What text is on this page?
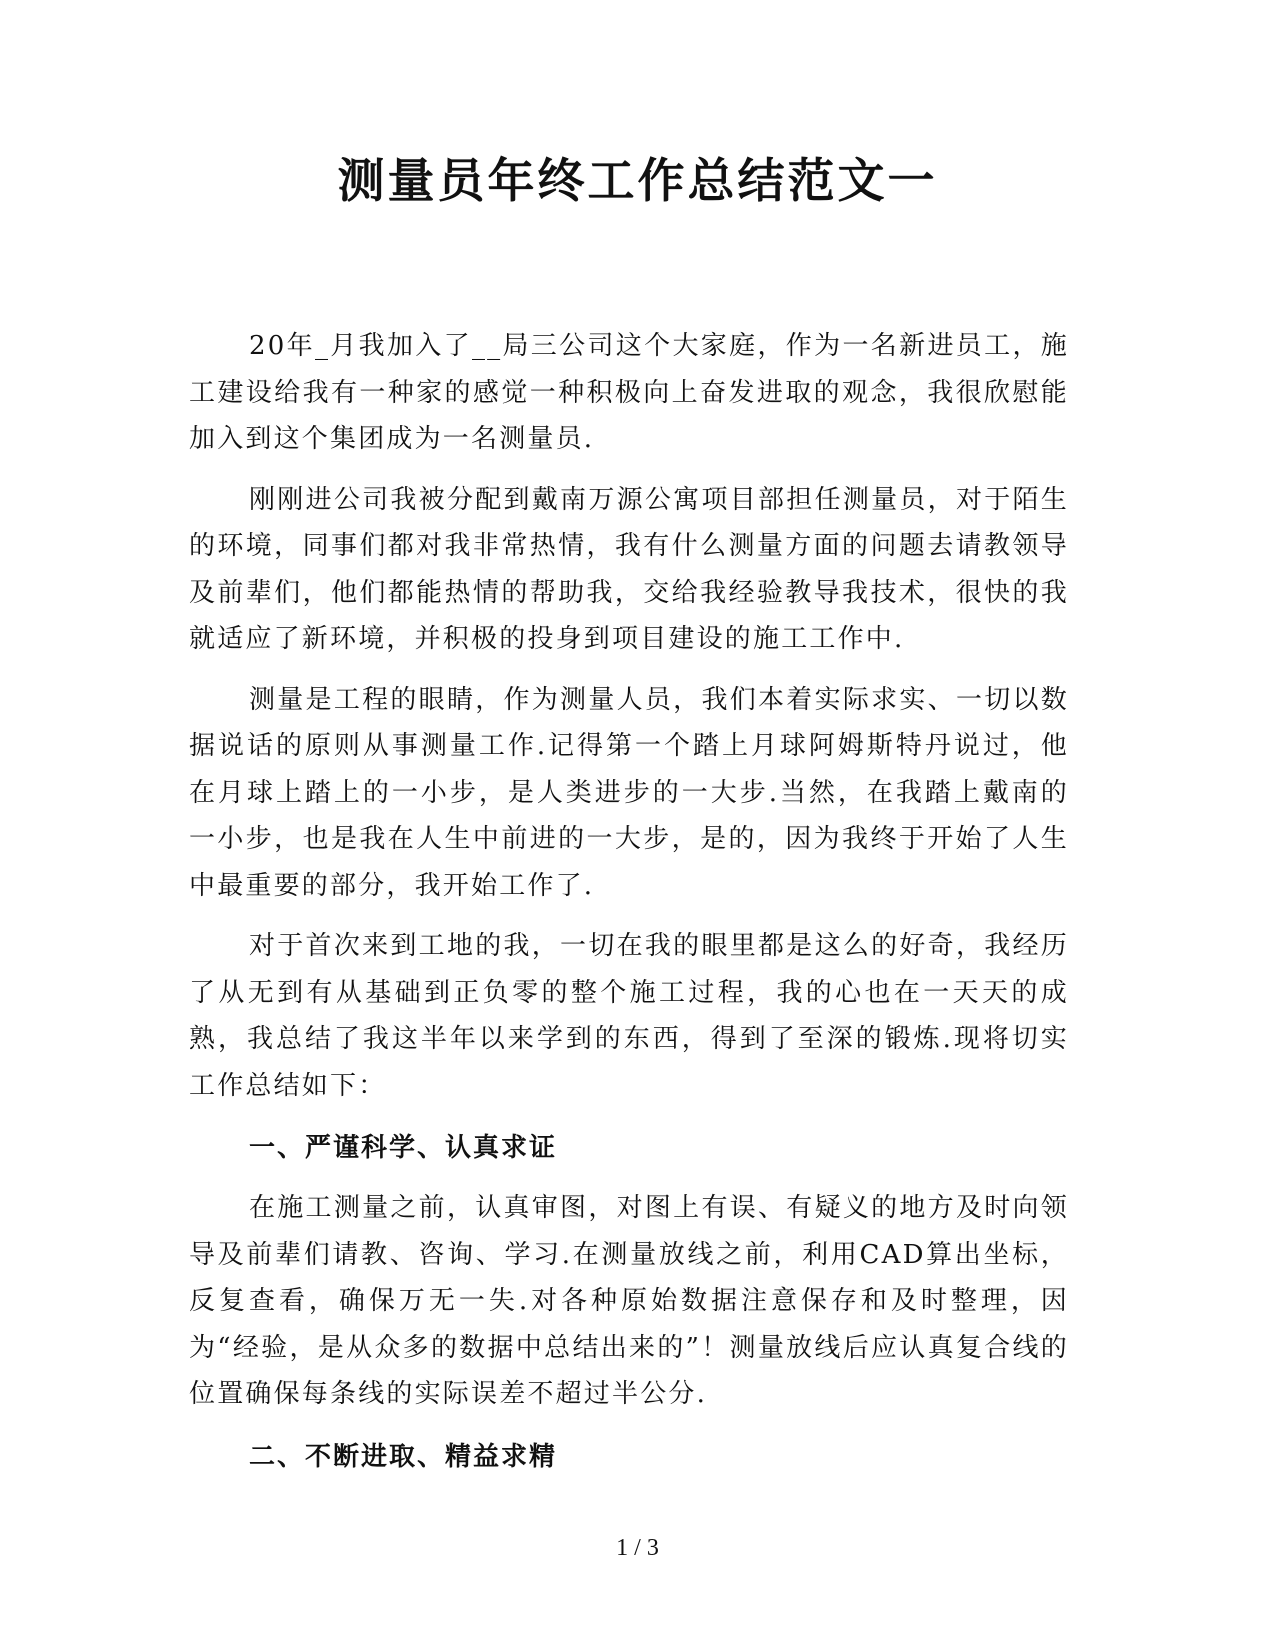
测量员年终工作总结范文一

20年_月我加入了__局三公司这个大家庭，作为一名新进员工，施工建设给我有一种家的感觉一种积极向上奋发进取的观念，我很欣慰能加入到这个集团成为一名测量员.

刚刚进公司我被分配到戴南万源公寓项目部担任测量员，对于陌生的环境，同事们都对我非常热情，我有什么测量方面的问题去请教领导及前辈们，他们都能热情的帮助我，交给我经验教导我技术，很快的我就适应了新环境，并积极的投身到项目建设的施工工作中.

测量是工程的眼睛，作为测量人员，我们本着实际求实、一切以数据说话的原则从事测量工作.记得第一个踏上月球阿姆斯特丹说过，他在月球上踏上的一小步，是人类进步的一大步.当然，在我踏上戴南的一小步，也是我在人生中前进的一大步，是的，因为我终于开始了人生中最重要的部分，我开始工作了.

对于首次来到工地的我，一切在我的眼里都是这么的好奇，我经历了从无到有从基础到正负零的整个施工过程，我的心也在一天天的成熟，我总结了我这半年以来学到的东西，得到了至深的锻炼.现将切实工作总结如下：

一、严谨科学、认真求证

在施工测量之前，认真审图，对图上有误、有疑义的地方及时向领导及前辈们请教、咨询、学习.在测量放线之前，利用CAD算出坐标，反复查看，确保万无一失.对各种原始数据注意保存和及时整理，因为“经验，是从众多的数据中总结出来的”！测量放线后应认真复合线的位置确保每条线的实际误差不超过半公分.

二、不断进取、精益求精

1 / 3
